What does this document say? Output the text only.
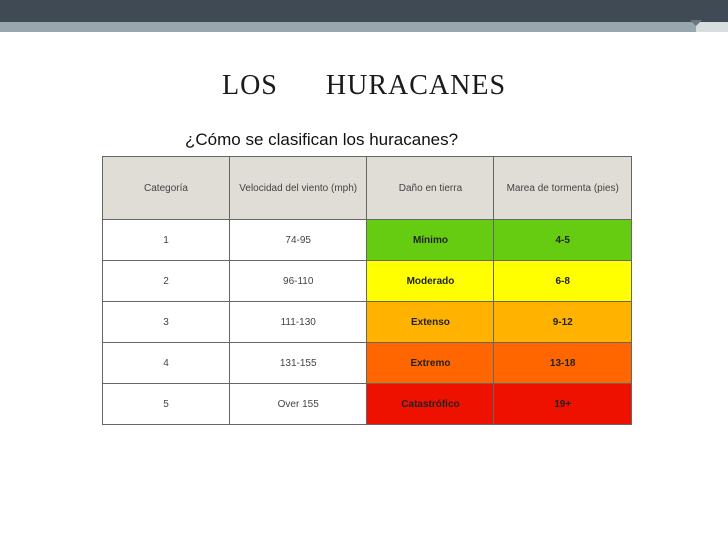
LOS      HURACANES
¿Cómo se clasifican los huracanes?
Categoría	Velocidad del viento (mph)	Daño en tierra	Marea de tormenta (pies)
1	74-95	Mínimo	4-5
2	96-110	Moderado	6-8
3	111-130	Extenso	9-12
4	131-155	Extremo	13-18
5	Over 155	Catastrófico	19+
